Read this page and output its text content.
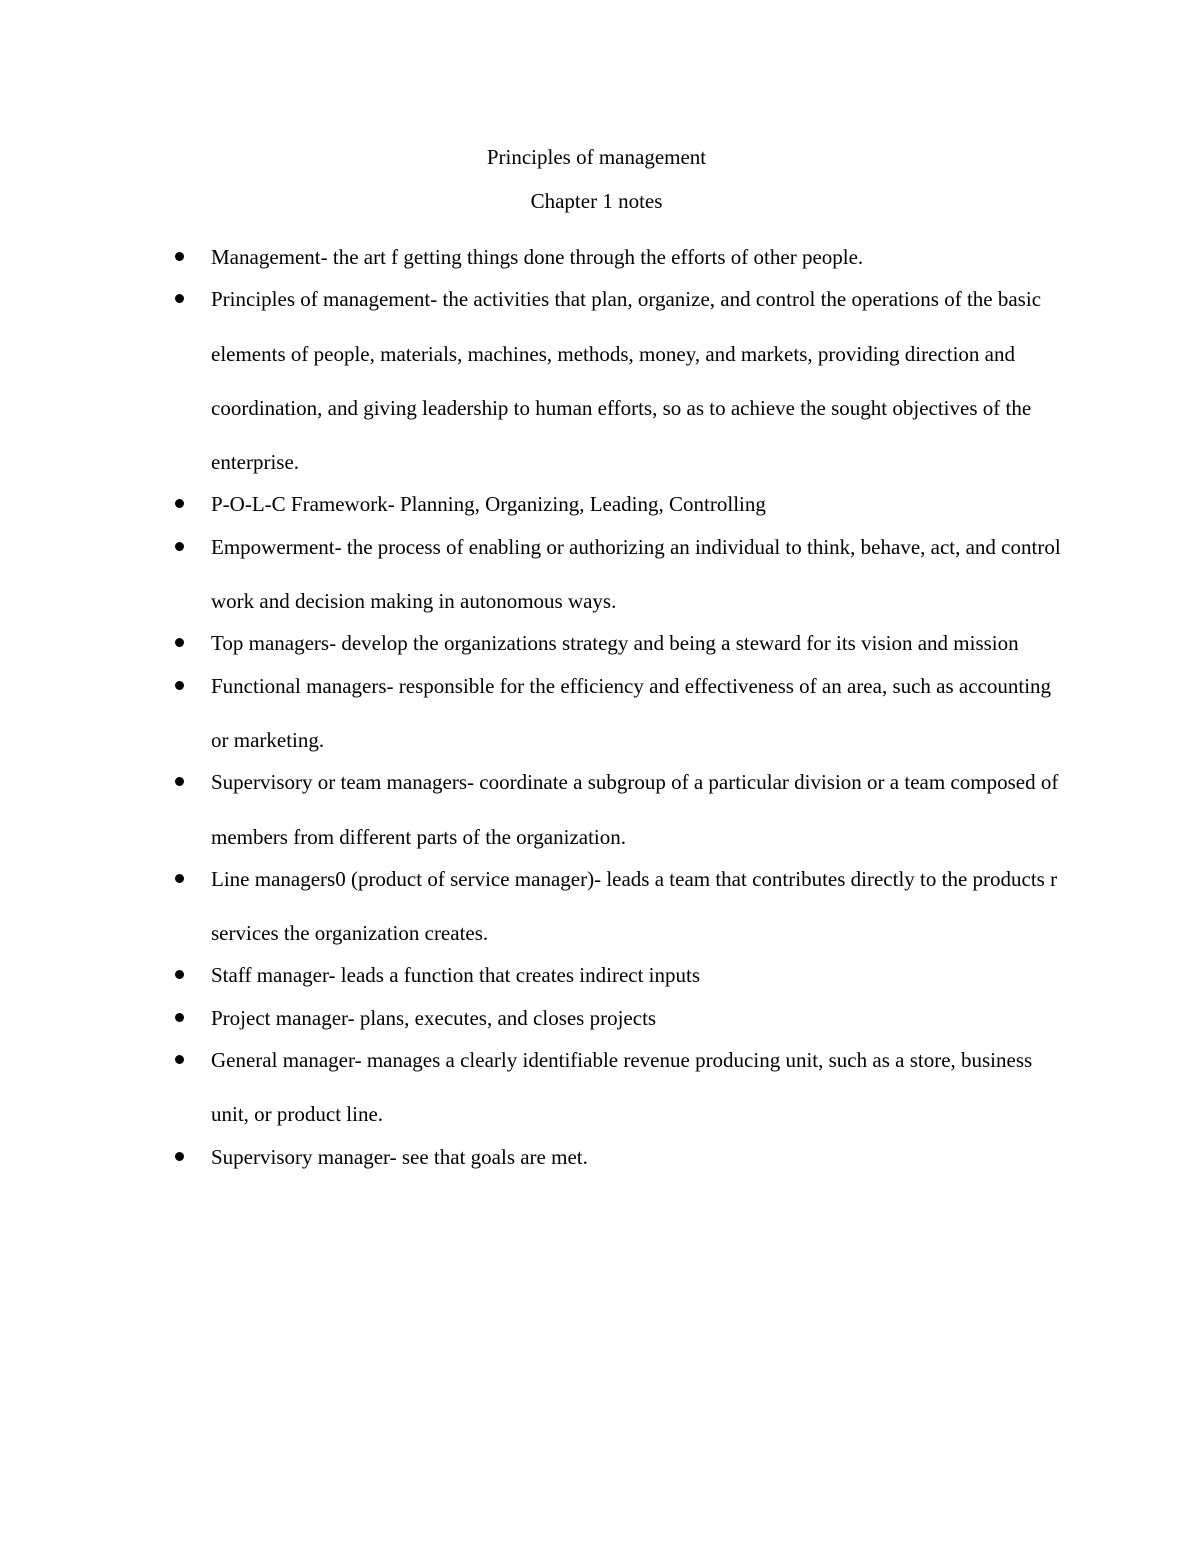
Principles of management
Chapter 1 notes
Management- the art f getting things done through the efforts of other people.
Principles of management- the activities that plan, organize, and control the operations of the basic elements of people, materials, machines, methods, money, and markets, providing direction and coordination, and giving leadership to human efforts, so as to achieve the sought objectives of the enterprise.
P-O-L-C Framework- Planning, Organizing, Leading, Controlling
Empowerment- the process of enabling or authorizing an individual to think, behave, act, and control work and decision making in autonomous ways.
Top managers- develop the organizations strategy and being a steward for its vision and mission
Functional managers- responsible for the efficiency and effectiveness of an area, such as accounting or marketing.
Supervisory or team managers- coordinate a subgroup of a particular division or a team composed of members from different parts of the organization.
Line managers0 (product of service manager)- leads a team that contributes directly to the products r services the organization creates.
Staff manager- leads a function that creates indirect inputs
Project manager- plans, executes, and closes projects
General manager- manages a clearly identifiable revenue producing unit, such as a store, business unit, or product line.
Supervisory manager- see that goals are met.
